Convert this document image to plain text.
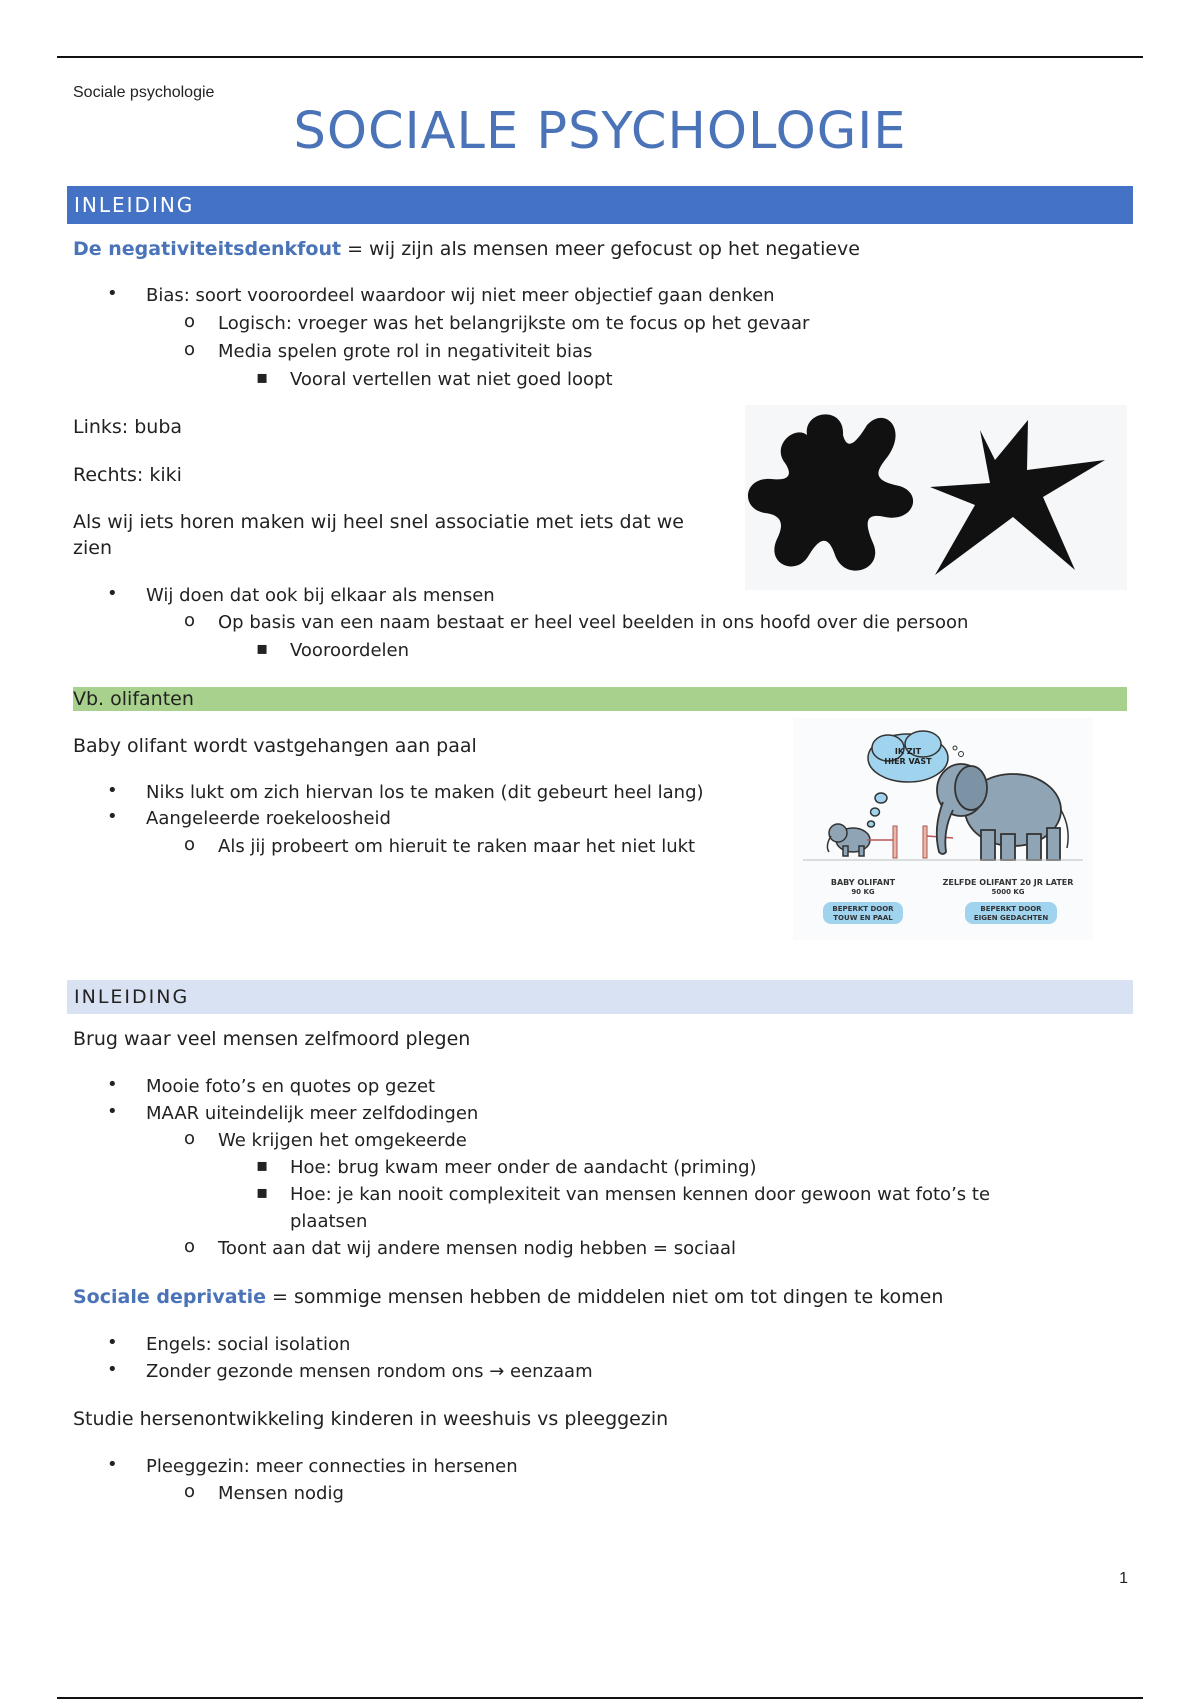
Sociale psychologie
SOCIALE PSYCHOLOGIE
INLEIDING
De negativiteitsdenkfout = wij zijn als mensen meer gefocust op het negatieve
• Bias: soort vooroordeel waardoor wij niet meer objectief gaan denken
o Logisch: vroeger was het belangrijkste om te focus op het gevaar
o Media spelen grote rol in negativiteit bias
▪ Vooral vertellen wat niet goed loopt
Links: buba
Rechts: kiki
Als wij iets horen maken wij heel snel associatie met iets dat we
zien
• Wij doen dat ook bij elkaar als mensen
o Op basis van een naam bestaat er heel veel beelden in ons hoofd over die persoon
▪ Vooroordelen
Vb. olifanten
Baby olifant wordt vastgehangen aan paal
• Niks lukt om zich hiervan los te maken (dit gebeurt heel lang)
• Aangeleerde roekeloosheid
o Als jij probeert om hieruit te raken maar het niet lukt
IK ZIT
HIER VAST
BABY OLIFANT
90 KG
BEPERKT DOOR
TOUW EN PAAL
ZELFDE OLIFANT 20 JR LATER
5000 KG
BEPERKT DOOR
EIGEN GEDACHTEN
INLEIDING
Brug waar veel mensen zelfmoord plegen
• Mooie foto’s en quotes op gezet
• MAAR uiteindelijk meer zelfdodingen
o We krijgen het omgekeerde
▪ Hoe: brug kwam meer onder de aandacht (priming)
▪ Hoe: je kan nooit complexiteit van mensen kennen door gewoon wat foto’s te
plaatsen
o Toont aan dat wij andere mensen nodig hebben = sociaal
Sociale deprivatie = sommige mensen hebben de middelen niet om tot dingen te komen
• Engels: social isolation
• Zonder gezonde mensen rondom ons → eenzaam
Studie hersenontwikkeling kinderen in weeshuis vs pleeggezin
• Pleeggezin: meer connecties in hersenen
o Mensen nodig
1
